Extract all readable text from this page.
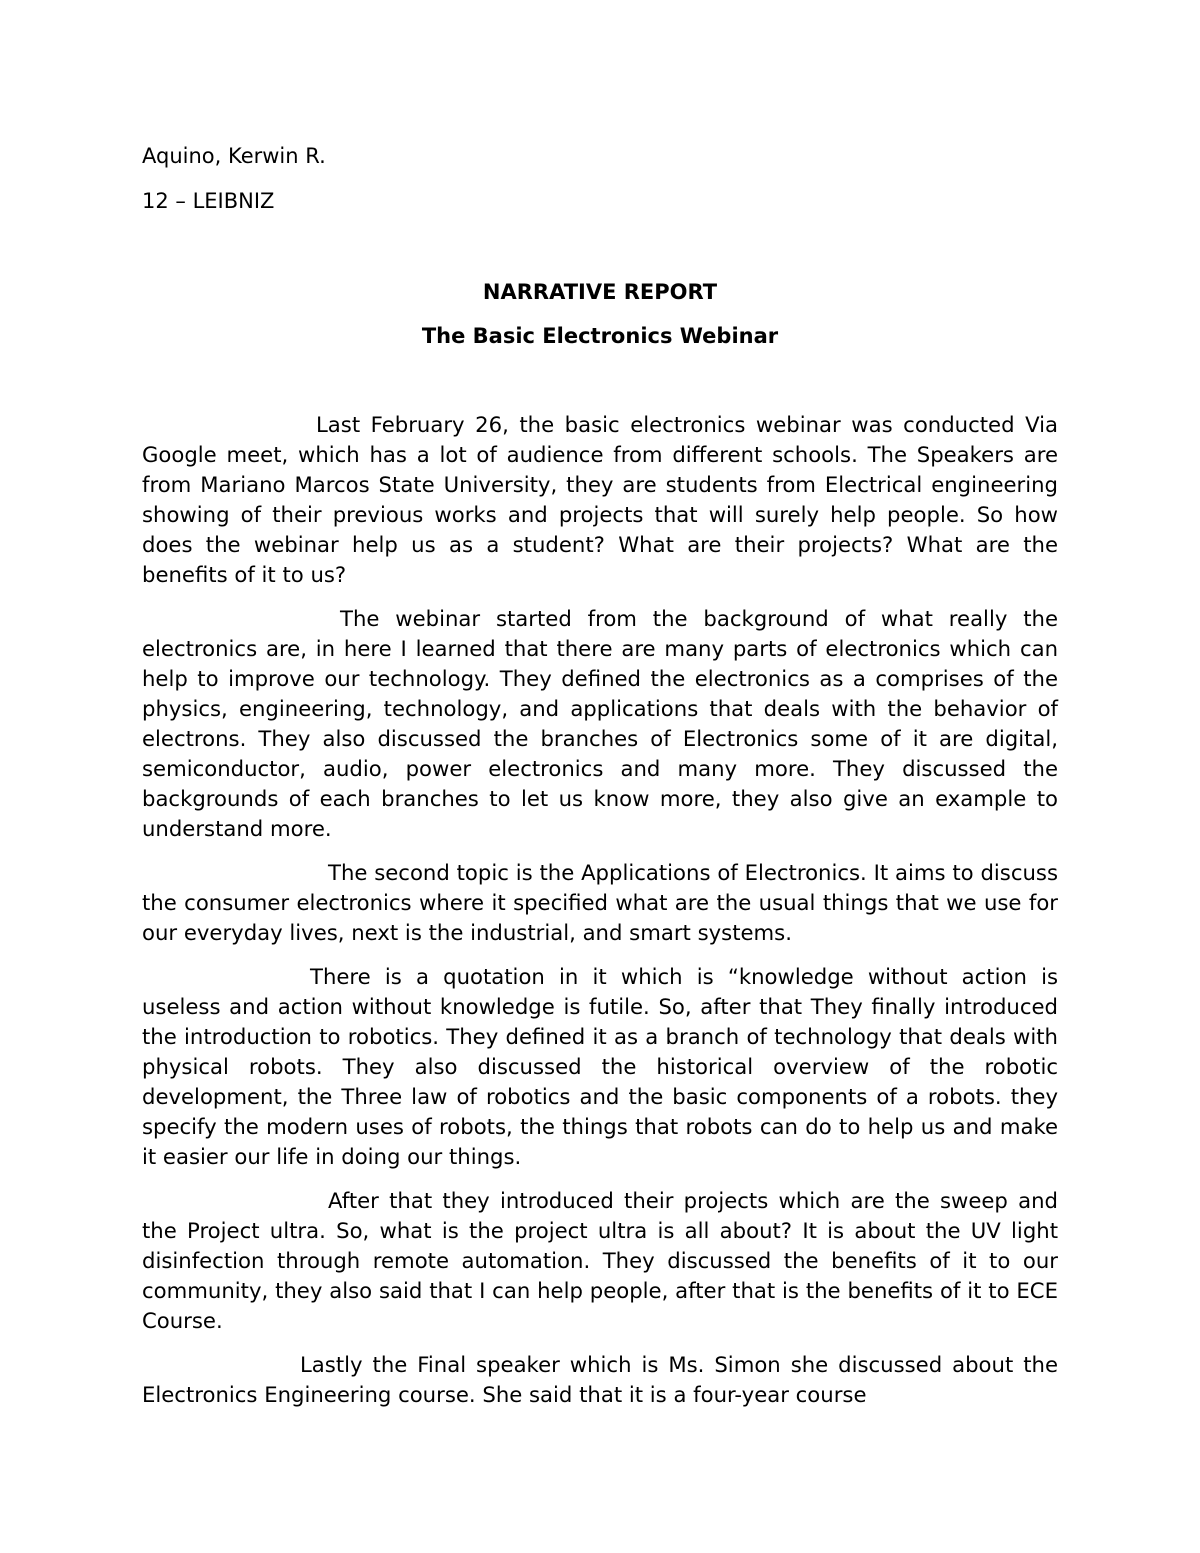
Aquino, Kerwin R.
12 – LEIBNIZ
NARRATIVE REPORT
The Basic Electronics Webinar

Last February 26, the basic electronics webinar was conducted Via Google meet, which has a lot of audience from different schools. The Speakers are from Mariano Marcos State University, they are students from Electrical engineering showing of their previous works and projects that will surely help people. So how does the webinar help us as a student? What are their projects? What are the benefits of it to us?

The webinar started from the background of what really the electronics are, in here I learned that there are many parts of electronics which can help to improve our technology. They defined the electronics as a comprises of the physics, engineering, technology, and applications that deals with the behavior of electrons. They also discussed the branches of Electronics some of it are digital, semiconductor, audio, power electronics and many more. They discussed the backgrounds of each branches to let us know more, they also give an example to understand more.

The second topic is the Applications of Electronics. It aims to discuss the consumer electronics where it specified what are the usual things that we use for our everyday lives, next is the industrial, and smart systems.

There is a quotation in it which is “knowledge without action is useless and action without knowledge is futile. So, after that They finally introduced the introduction to robotics. They defined it as a branch of technology that deals with physical robots. They also discussed the historical overview of the robotic development, the Three law of robotics and the basic components of a robots. they specify the modern uses of robots, the things that robots can do to help us and make it easier our life in doing our things.

After that they introduced their projects which are the sweep and the Project ultra. So, what is the project ultra is all about? It is about the UV light disinfection through remote automation. They discussed the benefits of it to our community, they also said that I can help people, after that is the benefits of it to ECE Course.

Lastly the Final speaker which is Ms. Simon she discussed about the Electronics Engineering course. She said that it is a four-year course
